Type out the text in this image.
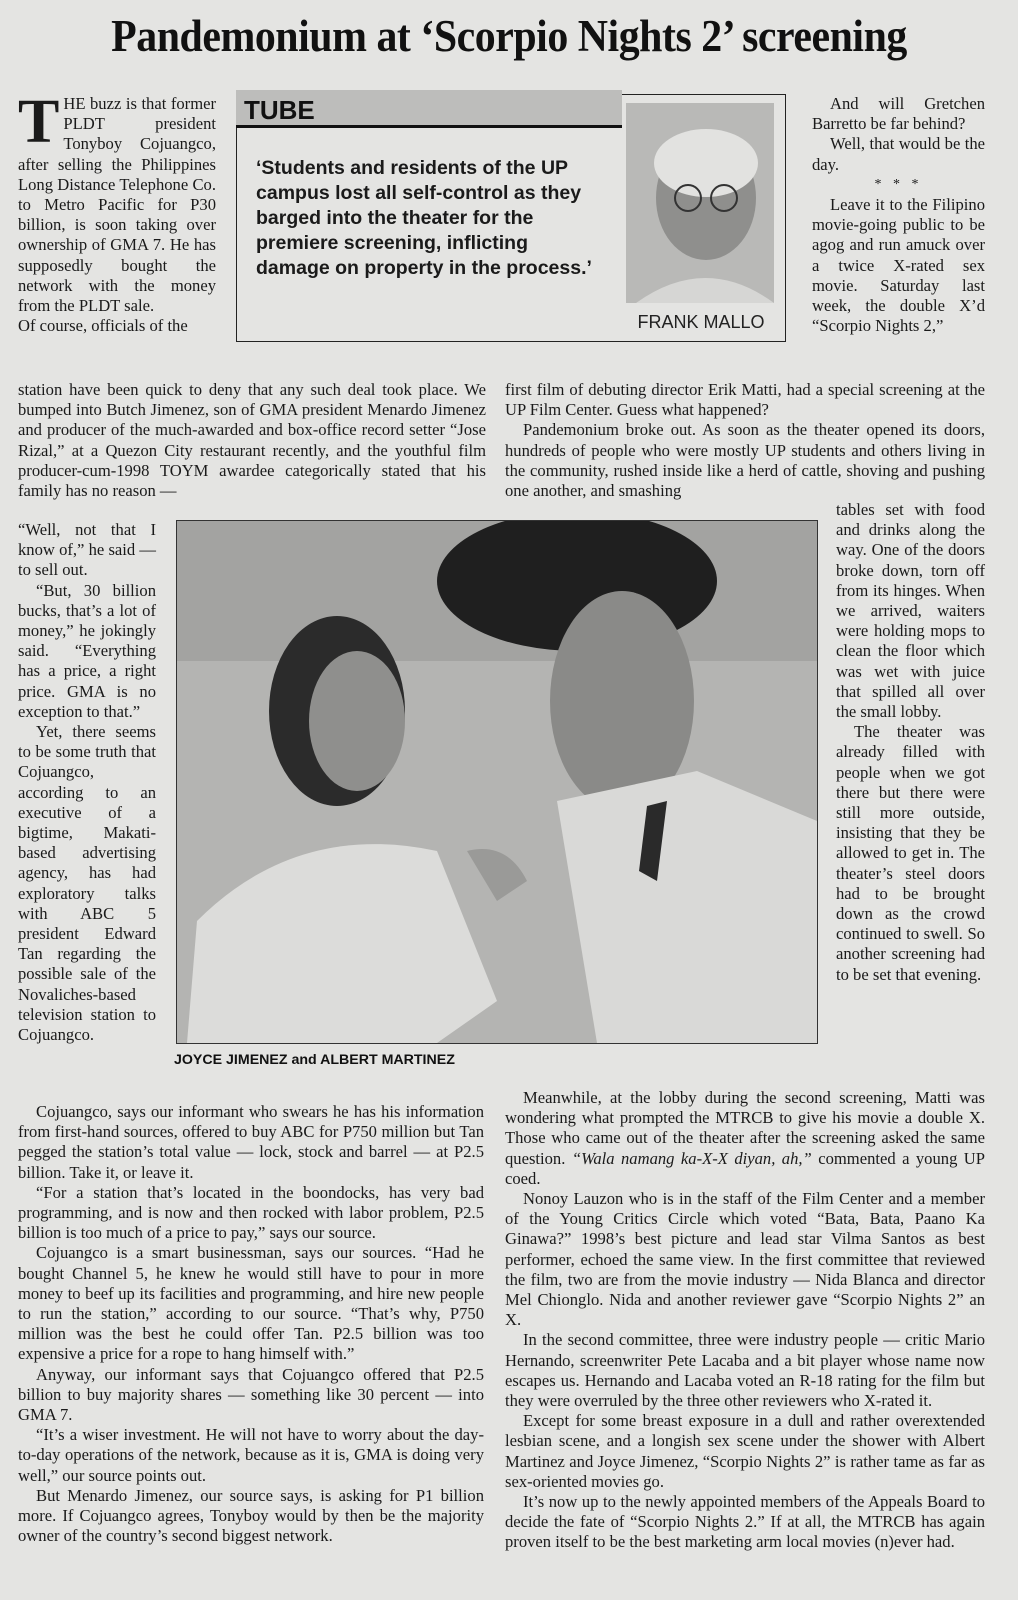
Pandemonium at ‘Scorpio Nights 2’ screening

THE buzz is that former PLDT president Tonyboy Cojuangco, after selling the Philippines Long Distance Telephone Co. to Metro Pacific for P30 billion, is soon taking over ownership of GMA 7. He has supposedly bought the network with the money from the PLDT sale.

Of course, officials of the

station have been quick to deny that any such deal took place. We bumped into Butch Jimenez, son of GMA president Menardo Jimenez and producer of the much-awarded and box-office record setter “Jose Rizal,” at a Quezon City restaurant recently, and the youthful film producer-cum-1998 TOYM awardee categorically stated that his family has no reason —

“Well, not that I know of,” he said — to sell out.

“But, 30 billion bucks, that’s a lot of money,” he jokingly said. “Everything has a price, a right price. GMA is no exception to that.”

Yet, there seems to be some truth that Cojuangco, according to an executive of a bigtime, Makati-based advertising agency, has had exploratory talks with ABC 5 president Edward Tan regarding the possible sale of the Novaliches-based television station to Cojuangco.

Cojuangco, says our informant who swears he has his information from first-hand sources, offered to buy ABC for P750 million but Tan pegged the station’s total value — lock, stock and barrel — at P2.5 billion. Take it, or leave it.

“For a station that’s located in the boondocks, has very bad programming, and is now and then rocked with labor problem, P2.5 billion is too much of a price to pay,” says our source.

Cojuangco is a smart businessman, says our sources. “Had he bought Channel 5, he knew he would still have to pour in more money to beef up its facilities and programming, and hire new people to run the station,” according to our source. “That’s why, P750 million was the best he could offer Tan. P2.5 billion was too expensive a price for a rope to hang himself with.”

Anyway, our informant says that Cojuangco offered that P2.5 billion to buy majority shares — something like 30 percent — into GMA 7.

“It’s a wiser investment. He will not have to worry about the day-to-day operations of the network, because as it is, GMA is doing very well,” our source points out.

But Menardo Jimenez, our source says, is asking for P1 billion more. If Cojuangco agrees, Tonyboy would by then be the majority owner of the country’s second biggest network.

TUBE
‘Students and residents of the UP campus lost all self-control as they barged into the theater for the premiere screening, inflicting damage on property in the process.’
FRANK MALLO

And will Gretchen Barretto be far behind?

Well, that would be the day.

* * *

Leave it to the Filipino movie-going public to be agog and run amuck over a twice X-rated sex movie. Saturday last week, the double X’d “Scorpio Nights 2,”

first film of debuting director Erik Matti, had a special screening at the UP Film Center. Guess what happened?

Pandemonium broke out. As soon as the theater opened its doors, hundreds of people who were mostly UP students and others living in the community, rushed inside like a herd of cattle, shoving and pushing one another, and smashing

tables set with food and drinks along the way. One of the doors broke down, torn off from its hinges. When we arrived, waiters were holding mops to clean the floor which was wet with juice that spilled all over the small lobby.

The theater was already filled with people when we got there but there were still more outside, insisting that they be allowed to get in. The theater’s steel doors had to be brought down as the crowd continued to swell. So another screening had to be set that evening.

JOYCE JIMENEZ and ALBERT MARTINEZ

Meanwhile, at the lobby during the second screening, Matti was wondering what prompted the MTRCB to give his movie a double X. Those who came out of the theater after the screening asked the same question. “Wala namang ka-X-X diyan, ah,” commented a young UP coed.

Nonoy Lauzon who is in the staff of the Film Center and a member of the Young Critics Circle which voted “Bata, Bata, Paano Ka Ginawa?” 1998’s best picture and lead star Vilma Santos as best performer, echoed the same view. In the first committee that reviewed the film, two are from the movie industry — Nida Blanca and director Mel Chionglo. Nida and another reviewer gave “Scorpio Nights 2” an X.

In the second committee, three were industry people — critic Mario Hernando, screenwriter Pete Lacaba and a bit player whose name now escapes us. Hernando and Lacaba voted an R-18 rating for the film but they were overruled by the three other reviewers who X-rated it.

Except for some breast exposure in a dull and rather overextended lesbian scene, and a longish sex scene under the shower with Albert Martinez and Joyce Jimenez, “Scorpio Nights 2” is rather tame as far as sex-oriented movies go.

It’s now up to the newly appointed members of the Appeals Board to decide the fate of “Scorpio Nights 2.” If at all, the MTRCB has again proven itself to be the best marketing arm local movies (n)ever had.
